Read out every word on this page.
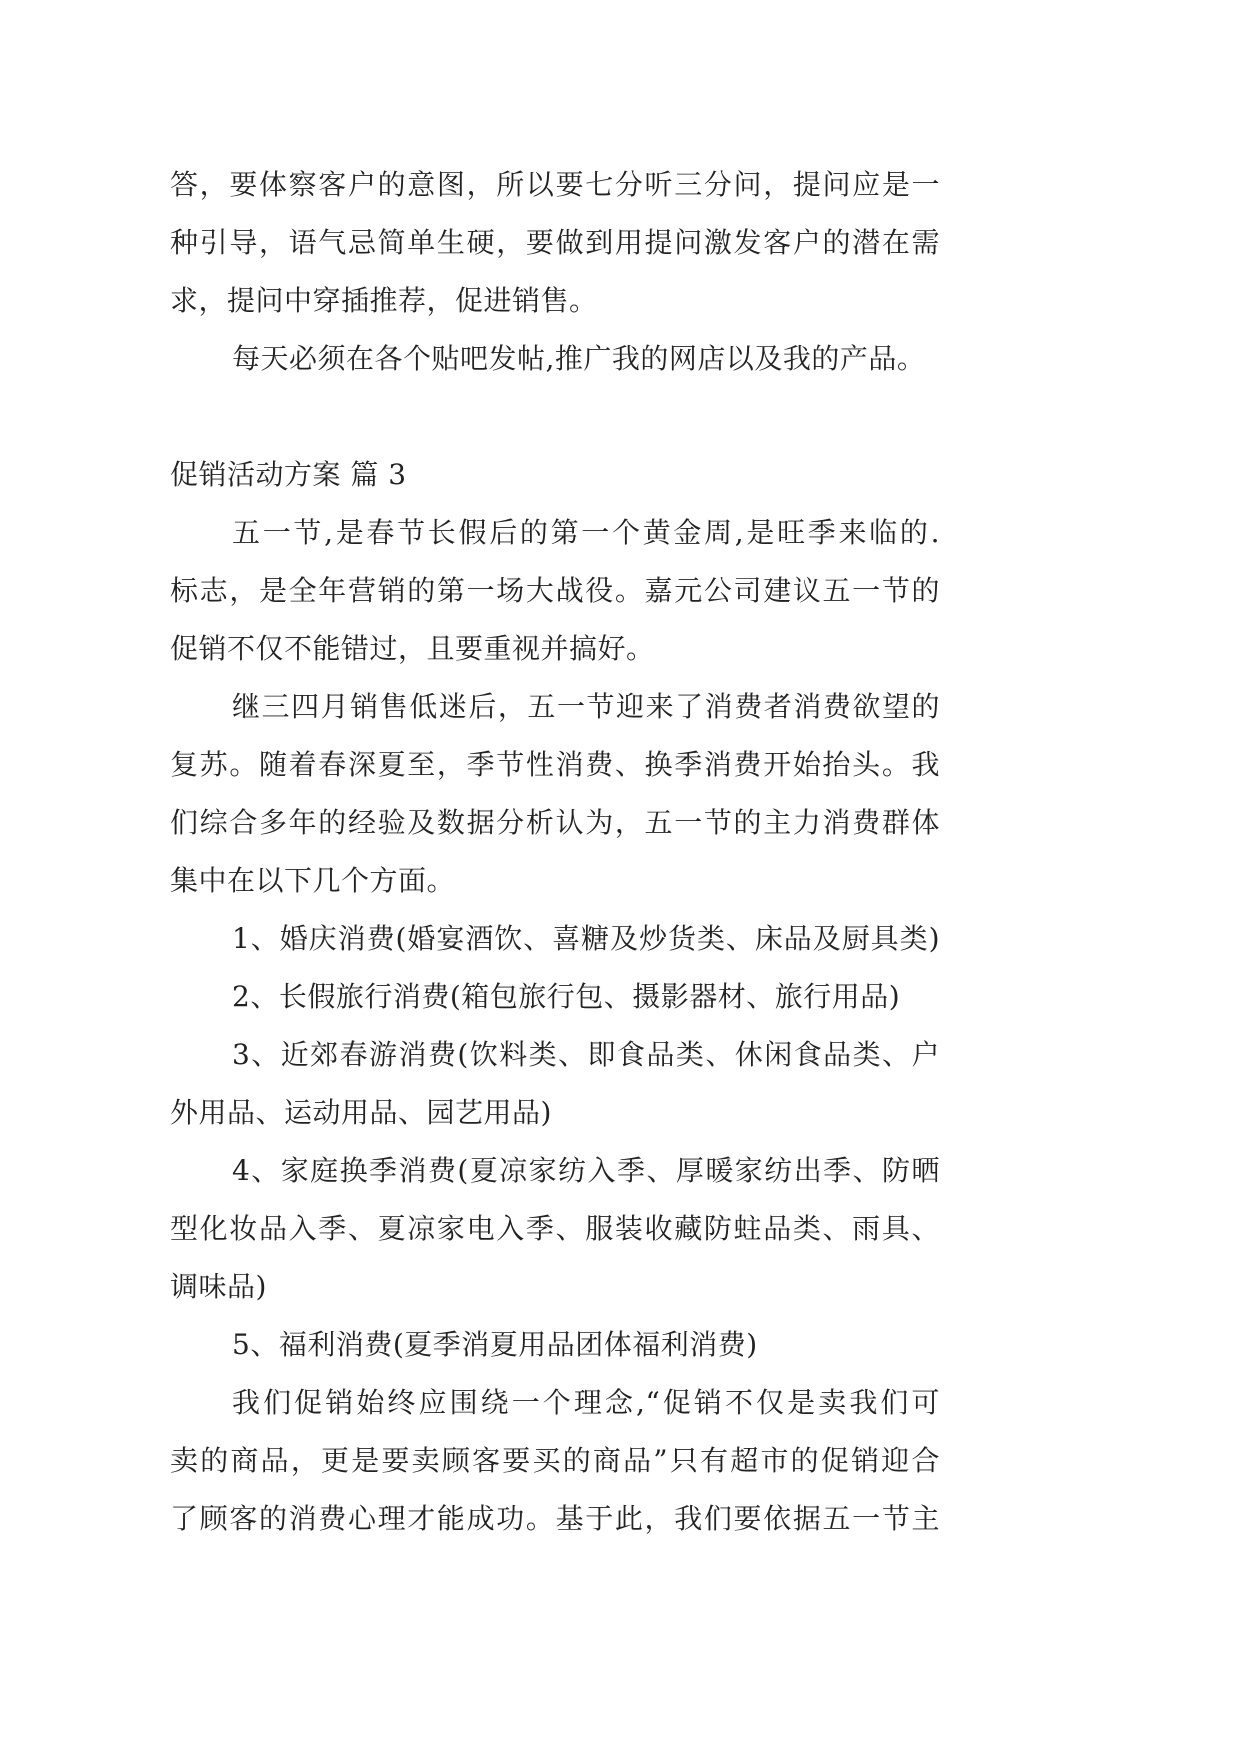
答，要体察客户的意图，所以要七分听三分问，提问应是一
种引导，语气忌简单生硬，要做到用提问激发客户的潜在需
求，提问中穿插推荐，促进销售。
每天必须在各个贴吧发帖,推广我的网店以及我的产品。
促销活动方案 篇 3
五一节,是春节长假后的第一个黄金周,是旺季来临的.
标志，是全年营销的第一场大战役。嘉元公司建议五一节的
促销不仅不能错过，且要重视并搞好。
继三四月销售低迷后，五一节迎来了消费者消费欲望的
复苏。随着春深夏至，季节性消费、换季消费开始抬头。我
们综合多年的经验及数据分析认为，五一节的主力消费群体
集中在以下几个方面。
1、婚庆消费(婚宴酒饮、喜糖及炒货类、床品及厨具类)
2、长假旅行消费(箱包旅行包、摄影器材、旅行用品)
3、近郊春游消费(饮料类、即食品类、休闲食品类、户
外用品、运动用品、园艺用品)
4、家庭换季消费(夏凉家纺入季、厚暖家纺出季、防晒
型化妆品入季、夏凉家电入季、服装收藏防蛀品类、雨具、
调味品)
5、福利消费(夏季消夏用品团体福利消费)
我们促销始终应围绕一个理念,“促销不仅是卖我们可
卖的商品，更是要卖顾客要买的商品”只有超市的促销迎合
了顾客的消费心理才能成功。基于此，我们要依据五一节主
